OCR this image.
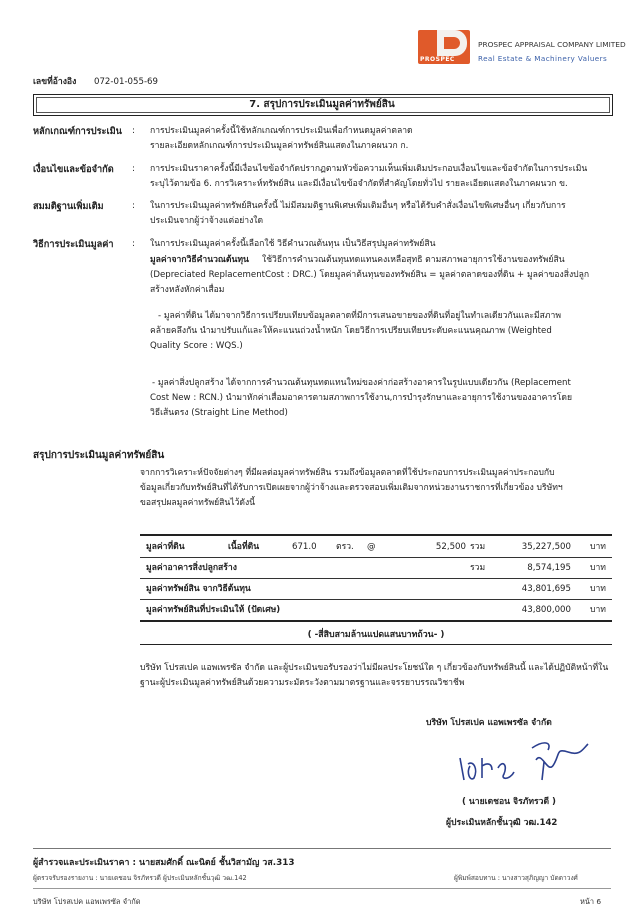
PROSPEC
PROSPEC APPRAISAL COMPANY LIMITED
Real Estate & Machinery Valuers
เลขที่อ้างอิง 072-01-055-69
7. สรุปการประเมินมูลค่าทรัพย์สิน
หลักเกณฑ์การประเมิน : การประเมินมูลค่าครั้งนี้ใช้หลักเกณฑ์การประเมินเพื่อกำหนดมูลค่าตลาด
รายละเอียดหลักเกณฑ์การประเมินมูลค่าทรัพย์สินแสดงในภาคผนวก ก.
เงื่อนไขและข้อจำกัด : การประเมินราคาครั้งนี้มีเงื่อนไขข้อจำกัดปรากฏตามหัวข้อความเห็นเพิ่มเติมประกอบเงื่อนไขและข้อจำกัดในการประเมิน
ระบุไว้ตามข้อ 6. การวิเคราะห์ทรัพย์สิน และมีเงื่อนไขข้อจำกัดที่สำคัญโดยทั่วไป รายละเอียดแสดงในภาคผนวก ข.
สมมติฐานเพิ่มเติม	: ในการประเมินมูลค่าทรัพย์สินครั้งนี้ ไม่มีสมมติฐานพิเศษเพิ่มเติมอื่นๆ หรือได้รับคำสั่งเงื่อนไขพิเศษอื่นๆ เกี่ยวกับการ
ประเมินจากผู้ว่าจ้างแต่อย่างใด
วิธีการประเมินมูลค่า : ในการประเมินมูลค่าครั้งนี้เลือกใช้ วิธีคำนวณต้นทุน เป็นวิธีสรุปมูลค่าทรัพย์สิน
มูลค่าจากวิธีคำนวณต้นทุน ใช้วิธีการคำนวณต้นทุนทดแทนคงเหลือสุทธิ ตามสภาพอายุการใช้งานของทรัพย์สิน
(Depreciated ReplacementCost : DRC.) โดยมูลค่าต้นทุนของทรัพย์สิน = มูลค่าตลาดของที่ดิน + มูลค่าของสิ่งปลูก
สร้างหลังหักค่าเสื่อม
- มูลค่าที่ดิน ได้มาจากวิธีการเปรียบเทียบข้อมูลตลาดที่มีการเสนอขายของที่ดินที่อยู่ในทำเลเดียวกันและมีสภาพ
คล้ายคลึงกัน นำมาปรับแก้และให้คะแนนถ่วงน้ำหนัก โดยวิธีการเปรียบเทียบระดับคะแนนคุณภาพ (Weighted
Quality Score : WQS.)
- มูลค่าสิ่งปลูกสร้าง ได้จากการคำนวณต้นทุนทดแทนใหม่ของค่าก่อสร้างอาคารในรูปแบบเดียวกัน (Replacement
Cost New : RCN.) นำมาหักค่าเสื่อมอาคารตามสภาพการใช้งาน,การบำรุงรักษาและอายุการใช้งานของอาคารโดย
วิธีเส้นตรง (Straight Line Method)
สรุปการประเมินมูลค่าทรัพย์สิน
จากการวิเคราะห์ปัจจัยต่างๆ ที่มีผลต่อมูลค่าทรัพย์สิน รวมถึงข้อมูลตลาดที่ใช้ประกอบการประเมินมูลค่าประกอบกับ
ข้อมูลเกี่ยวกับทรัพย์สินที่ได้รับการเปิดเผยจากผู้ว่าจ้างและตรวจสอบเพิ่มเติมจากหน่วยงานราชการที่เกี่ยวข้อง บริษัทฯ
ขอสรุปผลมูลค่าทรัพย์สินไว้ดังนี้
มูลค่าที่ดิน	เนื้อที่ดิน	671.0 ตรว. @	52,500 รวม	35,227,500 บาท
มูลค่าอาคารสิ่งปลูกสร้าง	รวม	8,574,195 บาท
มูลค่าทรัพย์สิน จากวิธีต้นทุน	43,801,695 บาท
มูลค่าทรัพย์สินที่ประเมินให้ (ปัดเศษ)	43,800,000 บาท
( -สี่สิบสามล้านแปดแสนบาทถ้วน- )
บริษัท โปรสเปค แอพเพรซัล จำกัด และผู้ประเมินขอรับรองว่าไม่มีผลประโยชน์ใด ๆ เกี่ยวข้องกับทรัพย์สินนี้ และได้ปฏิบัติหน้าที่ใน
ฐานะผู้ประเมินมูลค่าทรัพย์สินด้วยความระมัดระวังตามมาตรฐานและจรรยาบรรณวิชาชีพ
บริษัท โปรสเปค แอพเพรซัล จำกัด
( นายเดชอน จิรภัทรวดี )
ผู้ประเมินหลักชั้นวุฒิ วฒ.142
ผู้สำรวจและประเมินราคา : นายสมศักดิ์ ณะนิตย์ ชั้นวิสามัญ วส.313
ผู้ตรวจรับรองรายงาน : นายเดชอน จิรภัทรวดี ผู้ประเมินหลักชั้นวุฒิ วฒ.142	ผู้พิมพ์สอบทาน : นางสาวสุภิญญา บัดดาวงศ์
บริษัท โปรสเปค แอพเพรซัล จำกัด	หน้า 6
